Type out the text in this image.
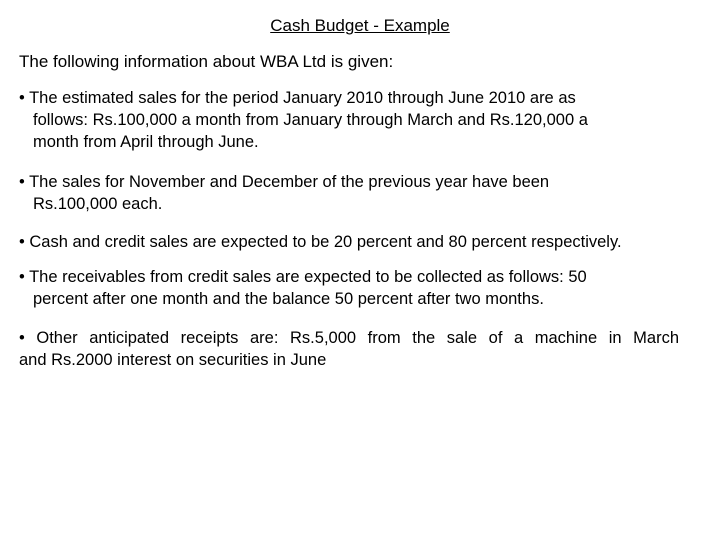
Cash Budget - Example
The following information about WBA Ltd is given:
• The estimated sales for the period January 2010 through June 2010 are as
follows: Rs.100,000 a month from January through March and Rs.120,000 a
month from April through June.
• The sales for November and December of the previous year have been
Rs.100,000 each.
• Cash and credit sales are expected to be 20 percent and 80 percent respectively.
• The receivables from credit sales are expected to be collected as follows: 50
percent after one month and the balance 50 percent after two months.
• Other anticipated receipts are: Rs.5,000 from the sale of a machine in March
and Rs.2000 interest on securities in June
